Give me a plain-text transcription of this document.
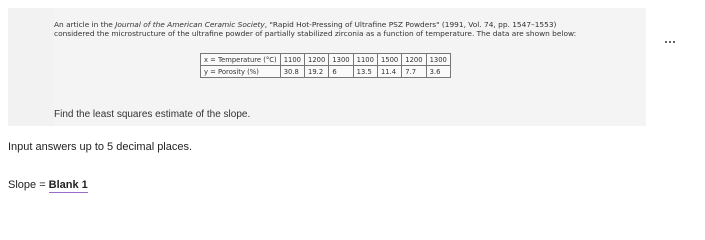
An article in the Journal of the American Ceramic Society, "Rapid Hot-Pressing of Ultrafine PSZ Powders" (1991, Vol. 74, pp. 1547–1553)
considered the microstructure of the ultrafine powder of partially stabilized zirconia as a function of temperature. The data are shown below:
x = Temperature (°C)	1100	1200	1300	1100	1500	1200	1300
y = Porosity (%)	30.8	19.2	6	13.5	11.4	7.7	3.6
Find the least squares estimate of the slope.
Input answers up to 5 decimal places.
Slope = Blank 1
